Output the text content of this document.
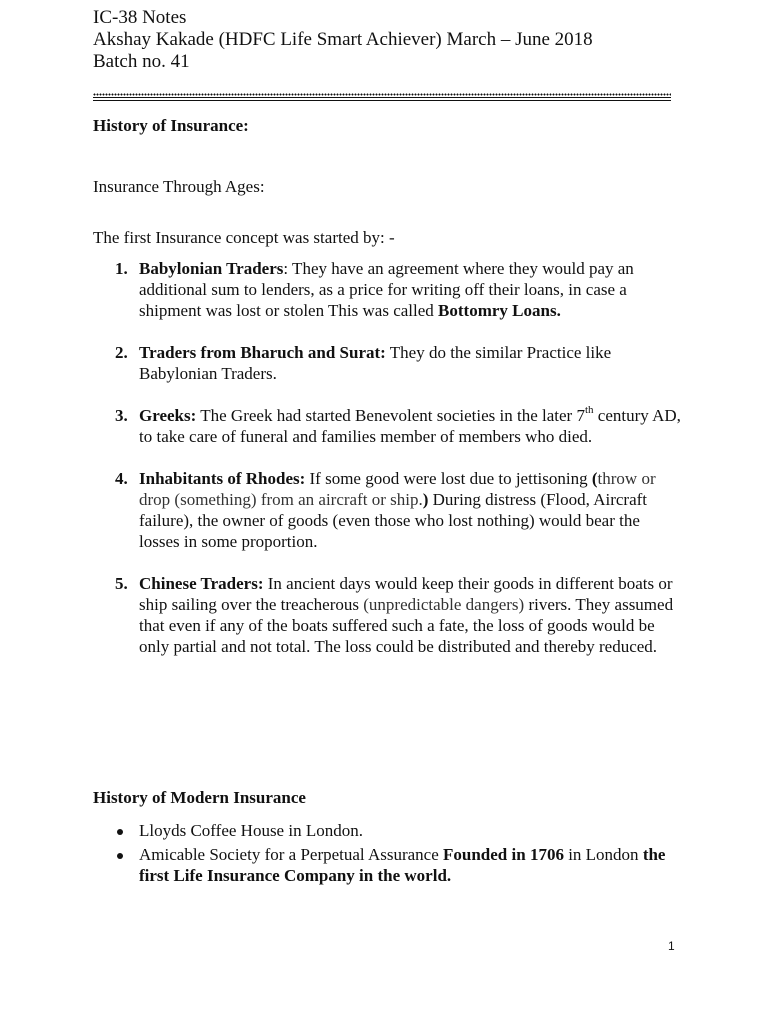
IC-38 Notes
Akshay Kakade (HDFC Life Smart Achiever) March – June 2018
Batch no. 41
History of Insurance:
Insurance Through Ages:
The first Insurance concept was started by: -
1. Babylonian Traders: They have an agreement where they would pay an additional sum to lenders, as a price for writing off their loans, in case a shipment was lost or stolen This was called Bottomry Loans.
2. Traders from Bharuch and Surat: They do the similar Practice like Babylonian Traders.
3. Greeks: The Greek had started Benevolent societies in the later 7th century AD, to take care of funeral and families member of members who died.
4. Inhabitants of Rhodes: If some good were lost due to jettisoning (throw or drop (something) from an aircraft or ship.) During distress (Flood, Aircraft failure), the owner of goods (even those who lost nothing) would bear the losses in some proportion.
5. Chinese Traders: In ancient days would keep their goods in different boats or ship sailing over the treacherous (unpredictable dangers) rivers. They assumed that even if any of the boats suffered such a fate, the loss of goods would be only partial and not total. The loss could be distributed and thereby reduced.
History of Modern Insurance
Lloyds Coffee House in London.
Amicable Society for a Perpetual Assurance Founded in 1706 in London the first Life Insurance Company in the world.
1
